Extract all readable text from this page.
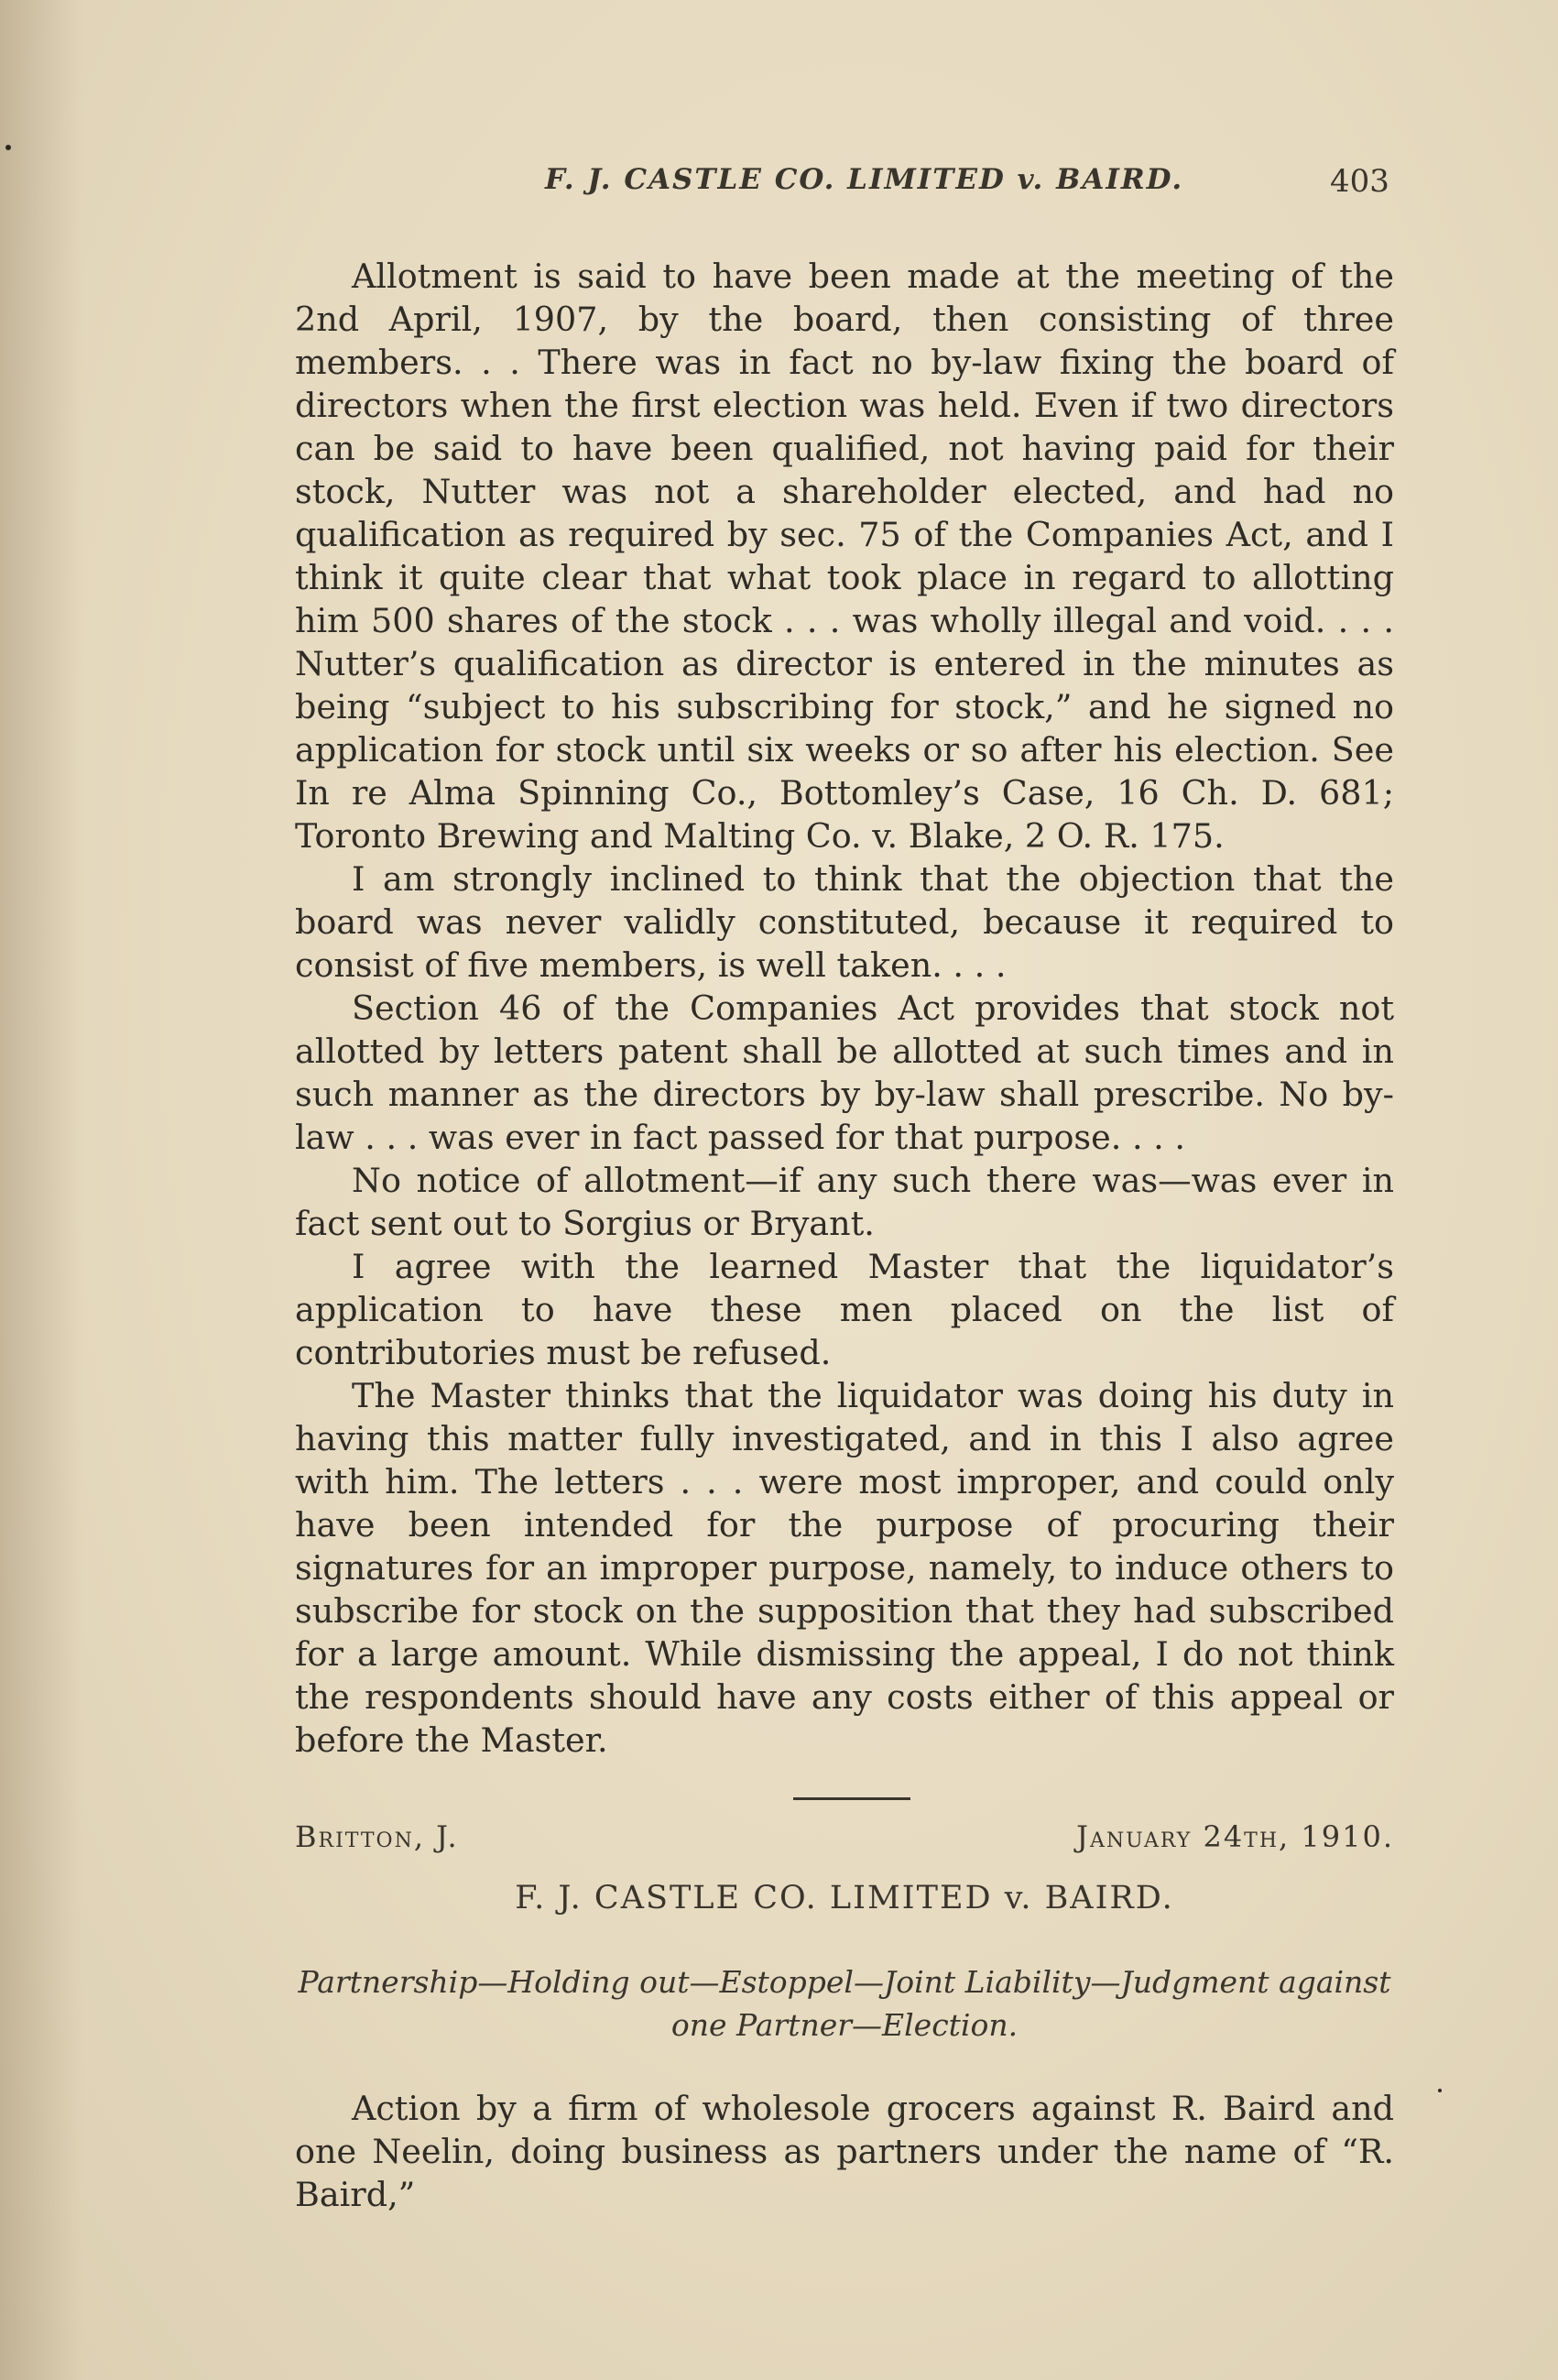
F. J. CASTLE CO. LIMITED v. BAIRD.	403

Allotment is said to have been made at the meeting of the 2nd April, 1907, by the board, then consisting of three members. . . There was in fact no by-law fixing the board of directors when the first election was held. Even if two directors can be said to have been qualified, not having paid for their stock, Nutter was not a shareholder elected, and had no qualification as required by sec. 75 of the Companies Act, and I think it quite clear that what took place in regard to allotting him 500 shares of the stock . . . was wholly illegal and void. . . . Nutter’s qualification as director is entered in the minutes as being “subject to his subscribing for stock,” and he signed no application for stock until six weeks or so after his election. See In re Alma Spinning Co., Bottomley’s Case, 16 Ch. D. 681; Toronto Brewing and Malting Co. v. Blake, 2 O. R. 175.

I am strongly inclined to think that the objection that the board was never validly constituted, because it required to consist of five members, is well taken. . . .

Section 46 of the Companies Act provides that stock not allotted by letters patent shall be allotted at such times and in such manner as the directors by by-law shall prescribe. No by-law . . . was ever in fact passed for that purpose. . . .

No notice of allotment—if any such there was—was ever in fact sent out to Sorgius or Bryant.

I agree with the learned Master that the liquidator’s application to have these men placed on the list of contributories must be refused.

The Master thinks that the liquidator was doing his duty in having this matter fully investigated, and in this I also agree with him. The letters . . . were most improper, and could only have been intended for the purpose of procuring their signatures for an improper purpose, namely, to induce others to subscribe for stock on the supposition that they had subscribed for a large amount. While dismissing the appeal, I do not think the respondents should have any costs either of this appeal or before the Master.

Britton, J.	January 24th, 1910.
F. J. CASTLE CO. LIMITED v. BAIRD.
Partnership—Holding out—Estoppel—Joint Liability—Judgment against one Partner—Election.

Action by a firm of wholesole grocers against R. Baird and one Neelin, doing business as partners under the name of “R. Baird,”
